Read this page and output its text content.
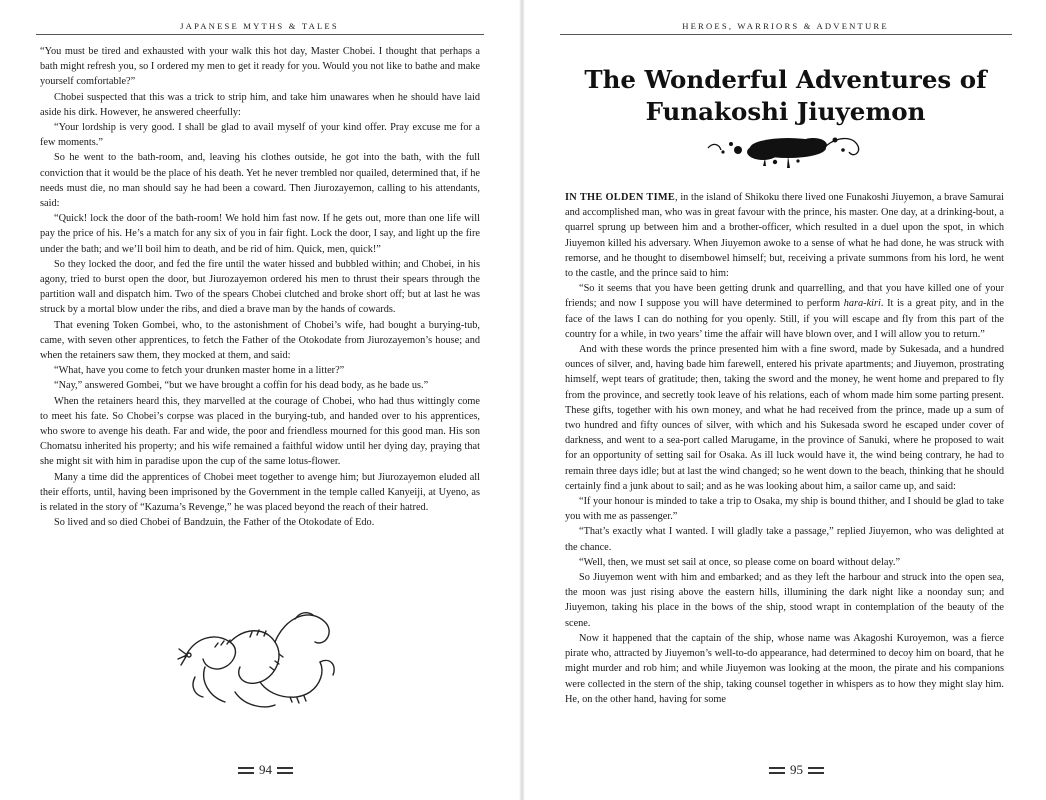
JAPANESE MYTHS & TALES

“You must be tired and exhausted with your walk this hot day, Master Chobei. I thought that perhaps a bath might refresh you, so I ordered my men to get it ready for you. Would you not like to bathe and make yourself comfortable?”

Chobei suspected that this was a trick to strip him, and take him unawares when he should have laid aside his dirk. However, he answered cheerfully:

“Your lordship is very good. I shall be glad to avail myself of your kind offer. Pray excuse me for a few moments.”

So he went to the bath-room, and, leaving his clothes outside, he got into the bath, with the full conviction that it would be the place of his death. Yet he never trembled nor quailed, determined that, if he needs must die, no man should say he had been a coward. Then Jiurozayemon, calling to his attendants, said:

“Quick! lock the door of the bath-room! We hold him fast now. If he gets out, more than one life will pay the price of his. He’s a match for any six of you in fair fight. Lock the door, I say, and light up the fire under the bath; and we’ll boil him to death, and be rid of him. Quick, men, quick!”

So they locked the door, and fed the fire until the water hissed and bubbled within; and Chobei, in his agony, tried to burst open the door, but Jiurozayemon ordered his men to thrust their spears through the partition wall and dispatch him. Two of the spears Chobei clutched and broke short off; but at last he was struck by a mortal blow under the ribs, and died a brave man by the hands of cowards.

That evening Token Gombei, who, to the astonishment of Chobei’s wife, had bought a burying-tub, came, with seven other apprentices, to fetch the Father of the Otokodate from Jiurozayemon’s house; and when the retainers saw them, they mocked at them, and said:

“What, have you come to fetch your drunken master home in a litter?”

“Nay,” answered Gombei, “but we have brought a coffin for his dead body, as he bade us.”

When the retainers heard this, they marvelled at the courage of Chobei, who had thus wittingly come to meet his fate. So Chobei’s corpse was placed in the burying-tub, and handed over to his apprentices, who swore to avenge his death. Far and wide, the poor and friendless mourned for this good man. His son Chomatsu inherited his property; and his wife remained a faithful widow until her dying day, praying that she might sit with him in paradise upon the cup of the same lotus-flower.

Many a time did the apprentices of Chobei meet together to avenge him; but Jiurozayemon eluded all their efforts, until, having been imprisoned by the Government in the temple called Kanyeiji, at Uyeno, as is related in the story of “Kazuma’s Revenge,” he was placed beyond the reach of their hatred.

So lived and so died Chobei of Bandzuin, the Father of the Otokodate of Edo.

94
HEROES, WARRIORS & ADVENTURE
The Wonderful Adventures of
Funakoshi Jiuyemon

IN THE OLDEN TIME, in the island of Shikoku there lived one Funakoshi Jiuyemon, a brave Samurai and accomplished man, who was in great favour with the prince, his master. One day, at a drinking-bout, a quarrel sprung up between him and a brother-officer, which resulted in a duel upon the spot, in which Jiuyemon killed his adversary. When Jiuyemon awoke to a sense of what he had done, he was struck with remorse, and he thought to disembowel himself; but, receiving a private summons from his lord, he went to the castle, and the prince said to him:

“So it seems that you have been getting drunk and quarrelling, and that you have killed one of your friends; and now I suppose you will have determined to perform hara-kiri. It is a great pity, and in the face of the laws I can do nothing for you openly. Still, if you will escape and fly from this part of the country for a while, in two years’ time the affair will have blown over, and I will allow you to return.”

And with these words the prince presented him with a fine sword, made by Sukesada, and a hundred ounces of silver, and, having bade him farewell, entered his private apartments; and Jiuyemon, prostrating himself, wept tears of gratitude; then, taking the sword and the money, he went home and prepared to fly from the province, and secretly took leave of his relations, each of whom made him some parting present. These gifts, together with his own money, and what he had received from the prince, made up a sum of two hundred and fifty ounces of silver, with which and his Sukesada sword he escaped under cover of darkness, and went to a sea-port called Marugame, in the province of Sanuki, where he proposed to wait for an opportunity of setting sail for Osaka. As ill luck would have it, the wind being contrary, he had to remain three days idle; but at last the wind changed; so he went down to the beach, thinking that he should certainly find a junk about to sail; and as he was looking about him, a sailor came up, and said:

“If your honour is minded to take a trip to Osaka, my ship is bound thither, and I should be glad to take you with me as passenger.”

“That’s exactly what I wanted. I will gladly take a passage,” replied Jiuyemon, who was delighted at the chance.

“Well, then, we must set sail at once, so please come on board without delay.”

So Jiuyemon went with him and embarked; and as they left the harbour and struck into the open sea, the moon was just rising above the eastern hills, illumining the dark night like a noonday sun; and Jiuyemon, taking his place in the bows of the ship, stood wrapt in contemplation of the beauty of the scene.

Now it happened that the captain of the ship, whose name was Akagoshi Kuroyemon, was a fierce pirate who, attracted by Jiuyemon’s well-to-do appearance, had determined to decoy him on board, that he might murder and rob him; and while Jiuyemon was looking at the moon, the pirate and his companions were collected in the stern of the ship, taking counsel together in whispers as to how they might slay him. He, on the other hand, having for some

95
